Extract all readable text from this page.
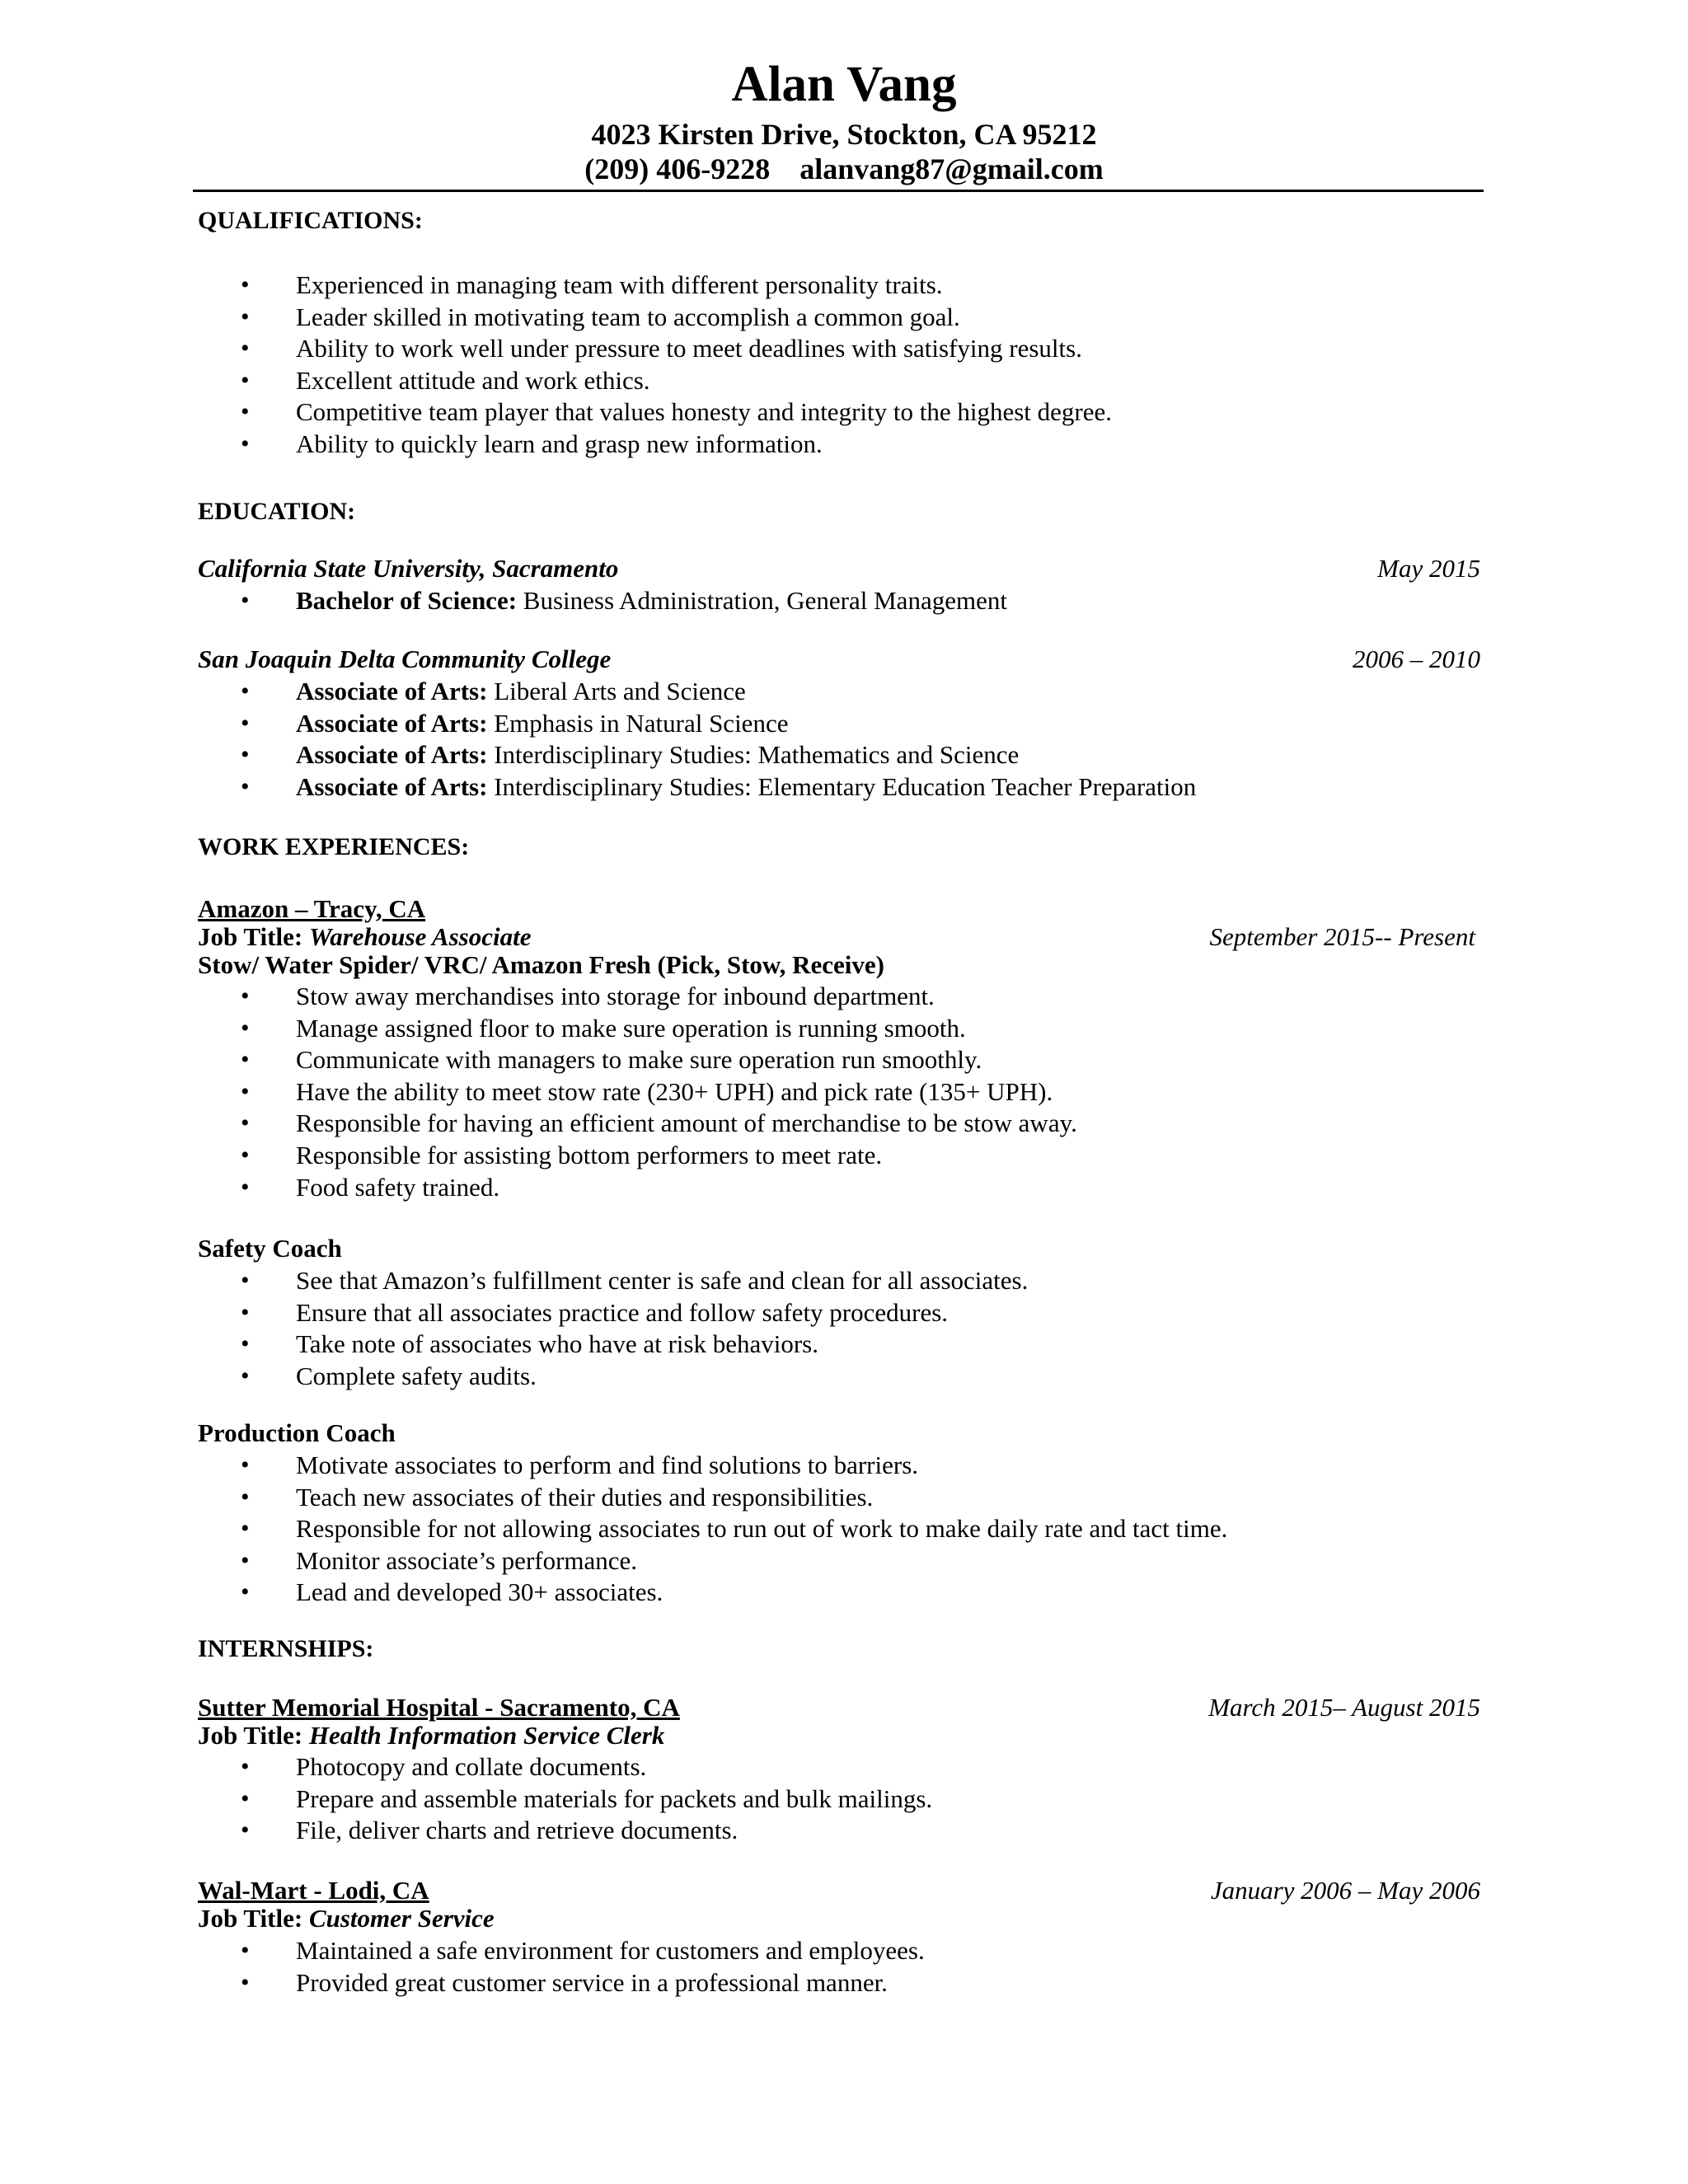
Alan Vang
4023 Kirsten Drive, Stockton, CA 95212
(209) 406-9228    alanvang87@gmail.com
QUALIFICATIONS:
• Experienced in managing team with different personality traits.
• Leader skilled in motivating team to accomplish a common goal.
• Ability to work well under pressure to meet deadlines with satisfying results.
• Excellent attitude and work ethics.
• Competitive team player that values honesty and integrity to the highest degree.
• Ability to quickly learn and grasp new information.
EDUCATION:
California State University, Sacramento	May 2015
• Bachelor of Science: Business Administration, General Management
San Joaquin Delta Community College	2006 – 2010
• Associate of Arts: Liberal Arts and Science
• Associate of Arts: Emphasis in Natural Science
• Associate of Arts: Interdisciplinary Studies: Mathematics and Science
• Associate of Arts: Interdisciplinary Studies: Elementary Education Teacher Preparation
WORK EXPERIENCES:
Amazon – Tracy, CA
Job Title: Warehouse Associate	September 2015-- Present
Stow/ Water Spider/ VRC/ Amazon Fresh (Pick, Stow, Receive)
• Stow away merchandises into storage for inbound department.
• Manage assigned floor to make sure operation is running smooth.
• Communicate with managers to make sure operation run smoothly.
• Have the ability to meet stow rate (230+ UPH) and pick rate (135+ UPH).
• Responsible for having an efficient amount of merchandise to be stow away.
• Responsible for assisting bottom performers to meet rate.
• Food safety trained.
Safety Coach
• See that Amazon’s fulfillment center is safe and clean for all associates.
• Ensure that all associates practice and follow safety procedures.
• Take note of associates who have at risk behaviors.
• Complete safety audits.
Production Coach
• Motivate associates to perform and find solutions to barriers.
• Teach new associates of their duties and responsibilities.
• Responsible for not allowing associates to run out of work to make daily rate and tact time.
• Monitor associate’s performance.
• Lead and developed 30+ associates.
INTERNSHIPS:
Sutter Memorial Hospital - Sacramento, CA	March 2015– August 2015
Job Title: Health Information Service Clerk
• Photocopy and collate documents.
• Prepare and assemble materials for packets and bulk mailings.
• File, deliver charts and retrieve documents.
Wal-Mart - Lodi, CA	January 2006 – May 2006
Job Title: Customer Service
• Maintained a safe environment for customers and employees.
• Provided great customer service in a professional manner.
